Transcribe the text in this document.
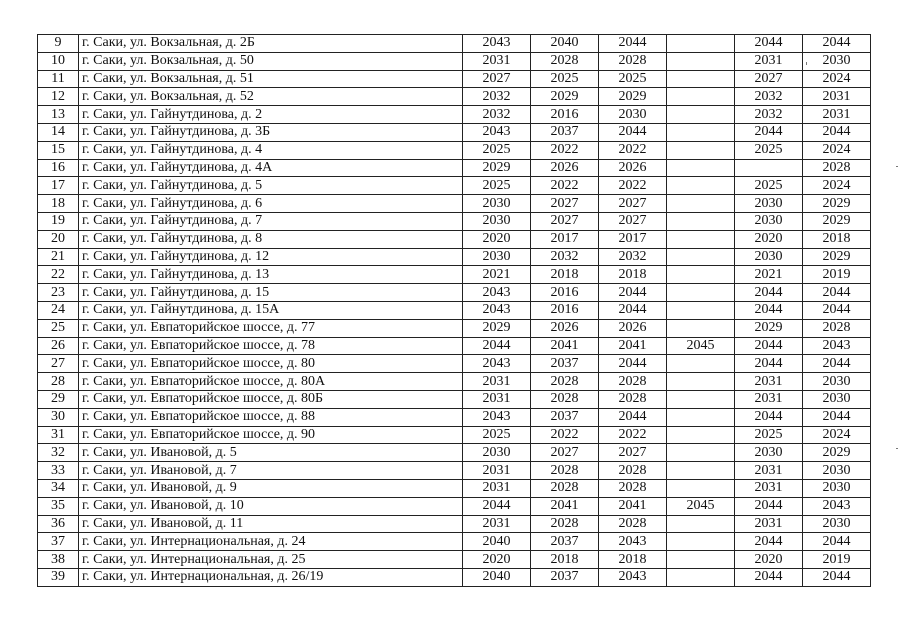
9	г. Саки, ул. Вокзальная, д. 2Б	2043	2040	2044		2044	2044
10	г. Саки, ул. Вокзальная, д. 50	2031	2028	2028		2031	2030
11	г. Саки, ул. Вокзальная, д. 51	2027	2025	2025		2027	2024
12	г. Саки, ул. Вокзальная, д. 52	2032	2029	2029		2032	2031
13	г. Саки, ул. Гайнутдинова, д. 2	2032	2016	2030		2032	2031
14	г. Саки, ул. Гайнутдинова, д. 3Б	2043	2037	2044		2044	2044
15	г. Саки, ул. Гайнутдинова, д. 4	2025	2022	2022		2025	2024
16	г. Саки, ул. Гайнутдинова, д. 4А	2029	2026	2026			2028
17	г. Саки, ул. Гайнутдинова, д. 5	2025	2022	2022		2025	2024
18	г. Саки, ул. Гайнутдинова, д. 6	2030	2027	2027		2030	2029
19	г. Саки, ул. Гайнутдинова, д. 7	2030	2027	2027		2030	2029
20	г. Саки, ул. Гайнутдинова, д. 8	2020	2017	2017		2020	2018
21	г. Саки, ул. Гайнутдинова, д. 12	2030	2032	2032		2030	2029
22	г. Саки, ул. Гайнутдинова, д. 13	2021	2018	2018		2021	2019
23	г. Саки, ул. Гайнутдинова, д. 15	2043	2016	2044		2044	2044
24	г. Саки, ул. Гайнутдинова, д. 15А	2043	2016	2044		2044	2044
25	г. Саки, ул. Евпаторийское шоссе, д. 77	2029	2026	2026		2029	2028
26	г. Саки, ул. Евпаторийское шоссе, д. 78	2044	2041	2041	2045	2044	2043
27	г. Саки, ул. Евпаторийское шоссе, д. 80	2043	2037	2044		2044	2044
28	г. Саки, ул. Евпаторийское шоссе, д. 80А	2031	2028	2028		2031	2030
29	г. Саки, ул. Евпаторийское шоссе, д. 80Б	2031	2028	2028		2031	2030
30	г. Саки, ул. Евпаторийское шоссе, д. 88	2043	2037	2044		2044	2044
31	г. Саки, ул. Евпаторийское шоссе, д. 90	2025	2022	2022		2025	2024
32	г. Саки, ул. Ивановой, д. 5	2030	2027	2027		2030	2029
33	г. Саки, ул. Ивановой, д. 7	2031	2028	2028		2031	2030
34	г. Саки, ул. Ивановой, д. 9	2031	2028	2028		2031	2030
35	г. Саки, ул. Ивановой, д. 10	2044	2041	2041	2045	2044	2043
36	г. Саки, ул. Ивановой, д. 11	2031	2028	2028		2031	2030
37	г. Саки, ул. Интернациональная, д. 24	2040	2037	2043		2044	2044
38	г. Саки, ул. Интернациональная, д. 25	2020	2018	2018		2020	2019
39	г. Саки, ул. Интернациональная, д. 26/19	2040	2037	2043		2044	2044
